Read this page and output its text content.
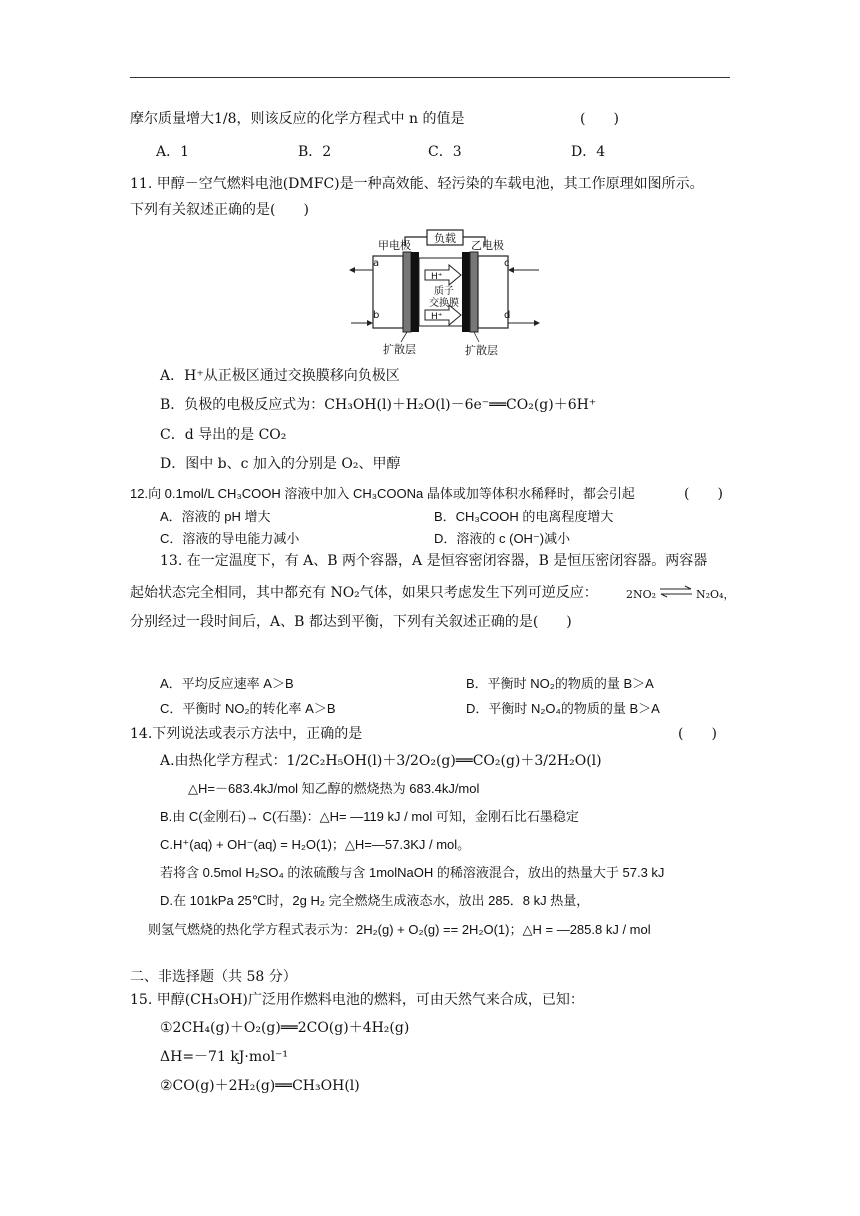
摩尔质量增大1/8，则该反应的化学方程式中 n 的值是	(　　)
A．1	B．2	C．3	D．4
11. 甲醇－空气燃料电池(DMFC)是一种高效能、轻污染的车载电池，其工作原理如图所示。
下列有关叙述正确的是(　　)
负载
甲电极	乙电极
H⁺
质子
交换膜
H⁺
a
b
c
d
扩散层	扩散层
A．H⁺从正极区通过交换膜移向负极区
B．负极的电极反应式为：CH₃OH(l)＋H₂O(l)－6e⁻══CO₂(g)＋6H⁺
C．d 导出的是 CO₂
D．图中 b、c 加入的分别是 O₂、甲醇
12.向 0.1mol/L CH₃COOH 溶液中加入 CH₃COONa 晶体或加等体积水稀释时，都会引起	(　　)
A．溶液的 pH 增大	B．CH₃COOH 的电离程度增大
C．溶液的导电能力减小	D．溶液的 c (OH⁻)减小
13. 在一定温度下，有 A、B 两个容器，A 是恒容密闭容器，B 是恒压密闭容器。两容器
起始状态完全相同，其中都充有 NO₂气体，如果只考虑发生下列可逆反应：	2NO₂ ⇌ N₂O₄，
分别经过一段时间后，A、B 都达到平衡，下列有关叙述正确的是(　　)
A．平均反应速率 A＞B	B．平衡时 NO₂的物质的量 B＞A
C．平衡时 NO₂的转化率 A＞B	D．平衡时 N₂O₄的物质的量 B＞A
14.下列说法或表示方法中，正确的是	(　　)
A.由热化学方程式：1/2C₂H₅OH(l)＋3/2O₂(g)══CO₂(g)＋3/2H₂O(l)
△H=－683.4kJ/mol 知乙醇的燃烧热为 683.4kJ/mol
B.由 C(金刚石)→ C(石墨)：△H= —119 kJ / mol 可知，金刚石比石墨稳定
C.H⁺(aq) + OH⁻(aq) = H₂O(1)；△H=—57.3KJ / mol。
若将含 0.5mol H₂SO₄ 的浓硫酸与含 1molNaOH 的稀溶液混合，放出的热量大于 57.3 kJ
D.在 101kPa 25℃时，2g H₂ 完全燃烧生成液态水，放出 285．8 kJ 热量，
则氢气燃烧的热化学方程式表示为：2H₂(g) + O₂(g) == 2H₂O(1)；△H = —285.8 kJ / mol
二、非选择题（共 58 分）
15. 甲醇(CH₃OH)广泛用作燃料电池的燃料，可由天然气来合成，已知：
①2CH₄(g)＋O₂(g)══2CO(g)＋4H₂(g)
ΔH=－71 kJ·mol⁻¹
②CO(g)＋2H₂(g)══CH₃OH(l)
